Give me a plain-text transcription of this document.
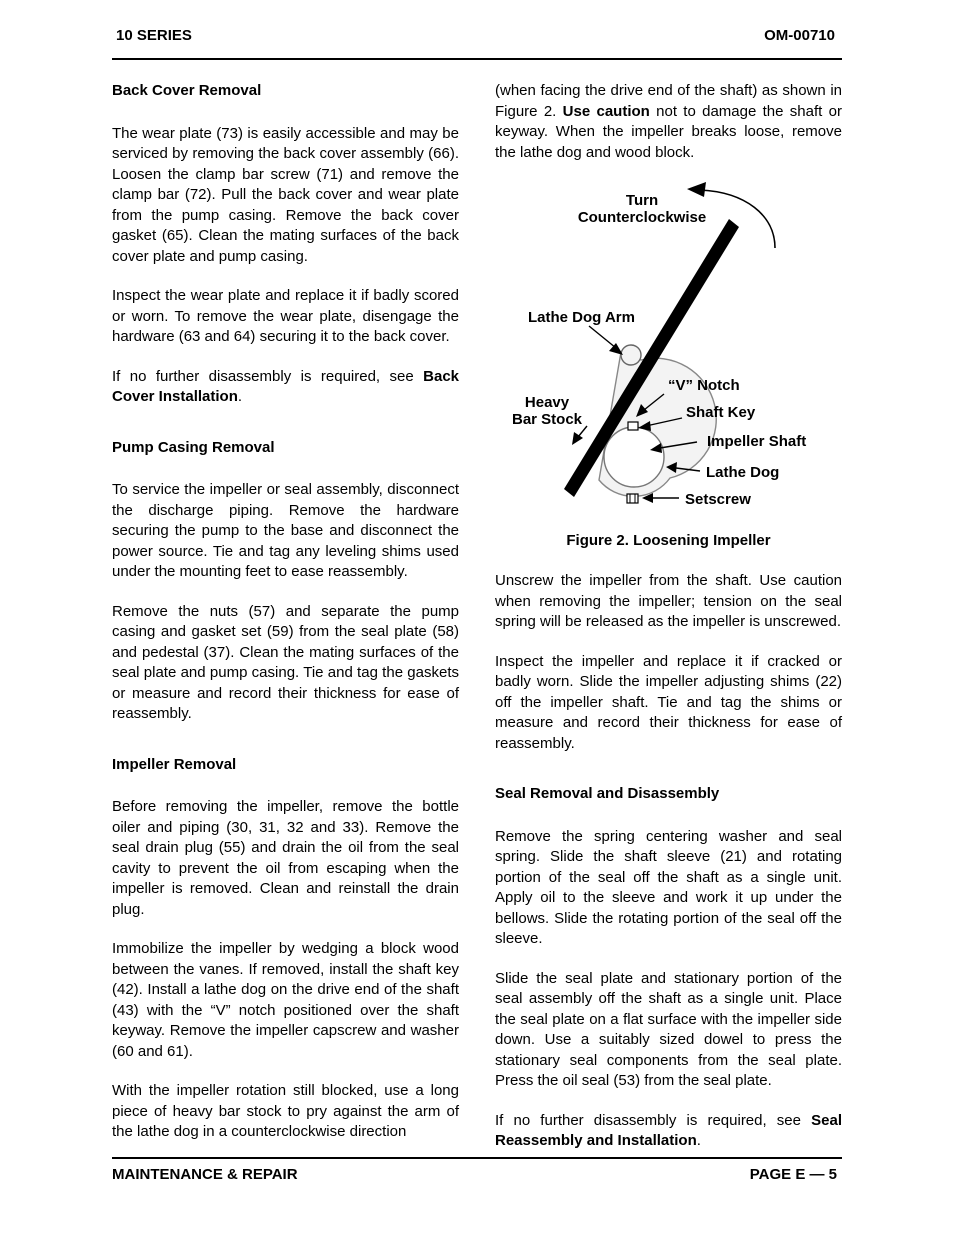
10 SERIES	OM-00710
Back Cover Removal

The wear plate (73) is easily accessible and may be serviced by removing the back cover assembly (66). Loosen the clamp bar screw (71) and remove the clamp bar (72). Pull the back cover and wear plate from the pump casing. Remove the back cover gasket (65). Clean the mating surfaces of the back cover plate and pump casing.

Inspect the wear plate and replace it if badly scored or worn. To remove the wear plate, disengage the hardware (63 and 64) securing it to the back cover.

If no further disassembly is required, see Back Cover Installation.

Pump Casing Removal

To service the impeller or seal assembly, disconnect the discharge piping. Remove the hardware securing the pump to the base and disconnect the power source. Tie and tag any leveling shims used under the mounting feet to ease reassembly.

Remove the nuts (57) and separate the pump casing and gasket set (59) from the seal plate (58) and pedestal (37). Clean the mating surfaces of the seal plate and pump casing. Tie and tag the gaskets or measure and record their thickness for ease of reassembly.

Impeller Removal

Before removing the impeller, remove the bottle oiler and piping (30, 31, 32 and 33). Remove the seal drain plug (55) and drain the oil from the seal cavity to prevent the oil from escaping when the impeller is removed. Clean and reinstall the drain plug.

Immobilize the impeller by wedging a block wood between the vanes. If removed, install the shaft key (42). Install a lathe dog on the drive end of the shaft (43) with the “V” notch positioned over the shaft keyway. Remove the impeller capscrew and washer (60 and 61).

With the impeller rotation still blocked, use a long piece of heavy bar stock to pry against the arm of the lathe dog in a counterclockwise direction

(when facing the drive end of the shaft) as shown in Figure 2. Use caution not to damage the shaft or keyway. When the impeller breaks loose, remove the lathe dog and wood block.

Turn
Counterclockwise
Lathe Dog Arm
“V” Notch
Heavy
Bar Stock	Shaft Key
Impeller Shaft
Lathe Dog
Setscrew
Figure 2. Loosening Impeller

Unscrew the impeller from the shaft. Use caution when removing the impeller; tension on the seal spring will be released as the impeller is unscrewed.

Inspect the impeller and replace it if cracked or badly worn. Slide the impeller adjusting shims (22) off the impeller shaft. Tie and tag the shims or measure and record their thickness for ease of reassembly.

Seal Removal and Disassembly

Remove the spring centering washer and seal spring. Slide the shaft sleeve (21) and rotating portion of the seal off the shaft as a single unit. Apply oil to the sleeve and work it up under the bellows. Slide the rotating portion of the seal off the sleeve.

Slide the seal plate and stationary portion of the seal assembly off the shaft as a single unit. Place the seal plate on a flat surface with the impeller side down. Use a suitably sized dowel to press the stationary seal components from the seal plate. Press the oil seal (53) from the seal plate.

If no further disassembly is required, see Seal Reassembly and Installation.

MAINTENANCE & REPAIR	PAGE E — 5
